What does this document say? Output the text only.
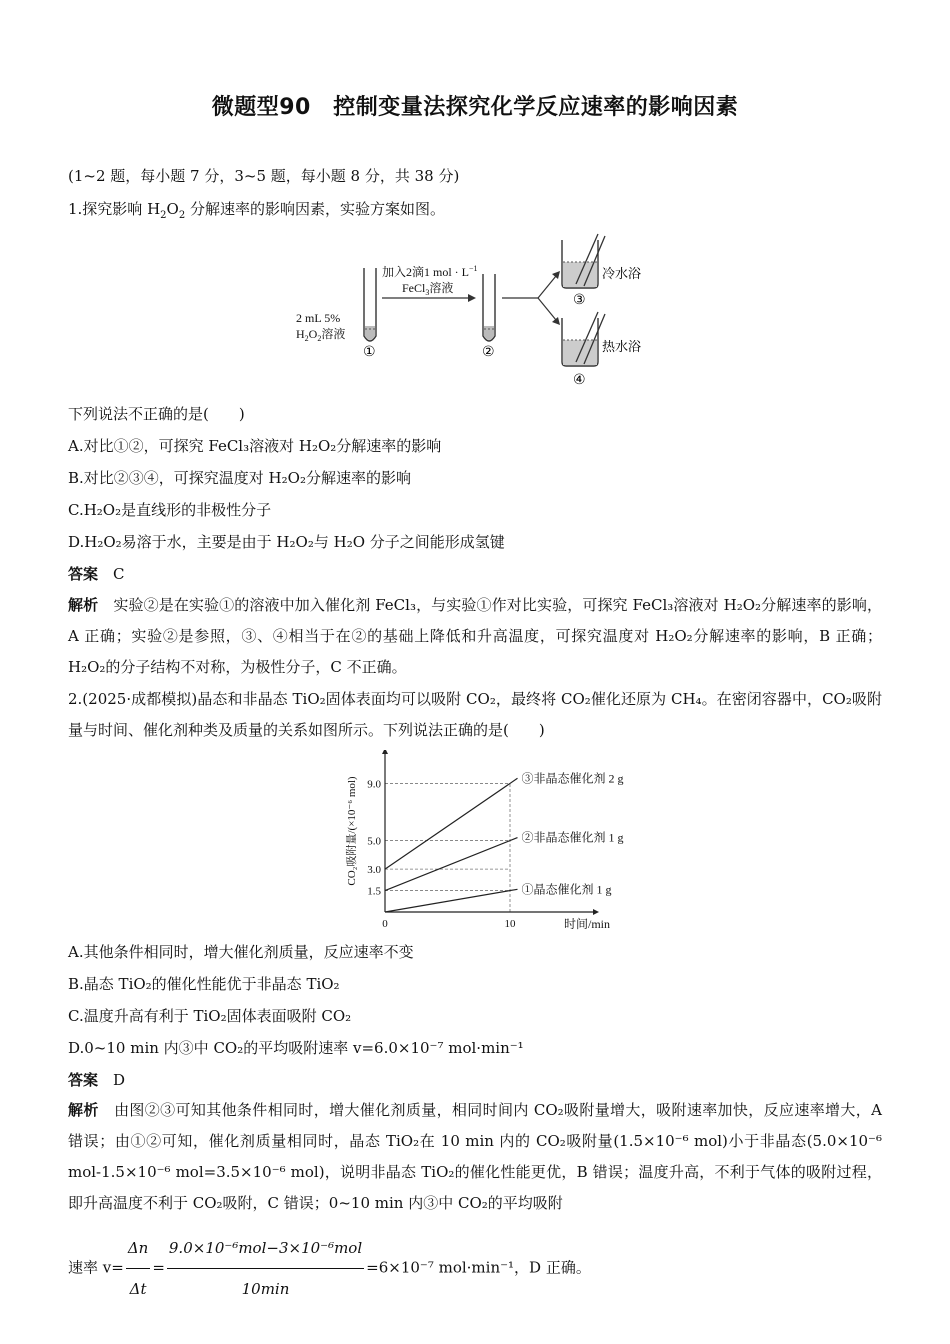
微题型90　控制变量法探究化学反应速率的影响因素
(1~2 题，每小题 7 分，3~5 题，每小题 8 分，共 38 分)
1.探究影响 $H_2O_2$ 分解速率的影响因素，实验方案如图。
2 mL 5%
$H_2O_2$溶液
①
加入2滴1 mol · $L^{-1}$
FeCl$_3$溶液
②
冷水浴
③
热水浴
④
下列说法不正确的是(　　)
A.对比①②，可探究 FeCl₃溶液对 H₂O₂分解速率的影响
B.对比②③④，可探究温度对 H₂O₂分解速率的影响
C.H₂O₂是直线形的非极性分子
D.H₂O₂易溶于水，主要是由于 H₂O₂与 H₂O 分子之间能形成氢键
答案　 C
解析　 实验②是在实验①的溶液中加入催化剂 FeCl₃，与实验①作对比实验，可探究 FeCl₃溶液对 H₂O₂分解速率的影响，A 正确；实验②是参照，③、④相当于在②的基础上降低和升高温度，可探究温度对 H₂O₂分解速率的影响，B 正确；H₂O₂的分子结构不对称，为极性分子，C 不正确。
2.(2025·成都模拟)晶态和非晶态 TiO₂固体表面均可以吸附 CO₂，最终将 CO₂催化还原为 CH₄。在密闭容器中，CO₂吸附量与时间、催化剂种类及质量的关系如图所示。下列说法正确的是(　　)
1.5
3.0
5.0
9.0
0	10	时间/min
CO₂吸附量/(×10⁻⁶ mol)	③非晶态催化剂 2 g
②非晶态催化剂 1 g
①晶态催化剂 1 g
A.其他条件相同时，增大催化剂质量，反应速率不变
B.晶态 TiO₂的催化性能优于非晶态 TiO₂
C.温度升高有利于 TiO₂固体表面吸附 CO₂
D.0~10 min 内③中 CO₂的平均吸附速率 v=6.0×10⁻⁷ mol·min⁻¹
答案　 D
解析　 由图②③可知其他条件相同时，增大催化剂质量，相同时间内 CO₂吸附量增大，吸附速率加快，反应速率增大，A 错误；由①②可知，催化剂质量相同时，晶态 TiO₂在 10 min 内的 CO₂吸附量(1.5×10⁻⁶ mol)小于非晶态(5.0×10⁻⁶ mol-1.5×10⁻⁶ mol=3.5×10⁻⁶ mol)，说明非晶态 TiO₂的催化性能更优，B 错误；温度升高，不利于气体的吸附过程，即升高温度不利于 CO₂吸附，C 错误；0~10 min 内③中 CO₂的平均吸附
速率 $v= \frac{\Delta n}{\Delta t} = \frac{\text{9.0×10⁻⁶mol−3×10⁻⁶mol}}{10\min} =6\times 10^{-7}$ mol·min⁻¹，D 正确。
